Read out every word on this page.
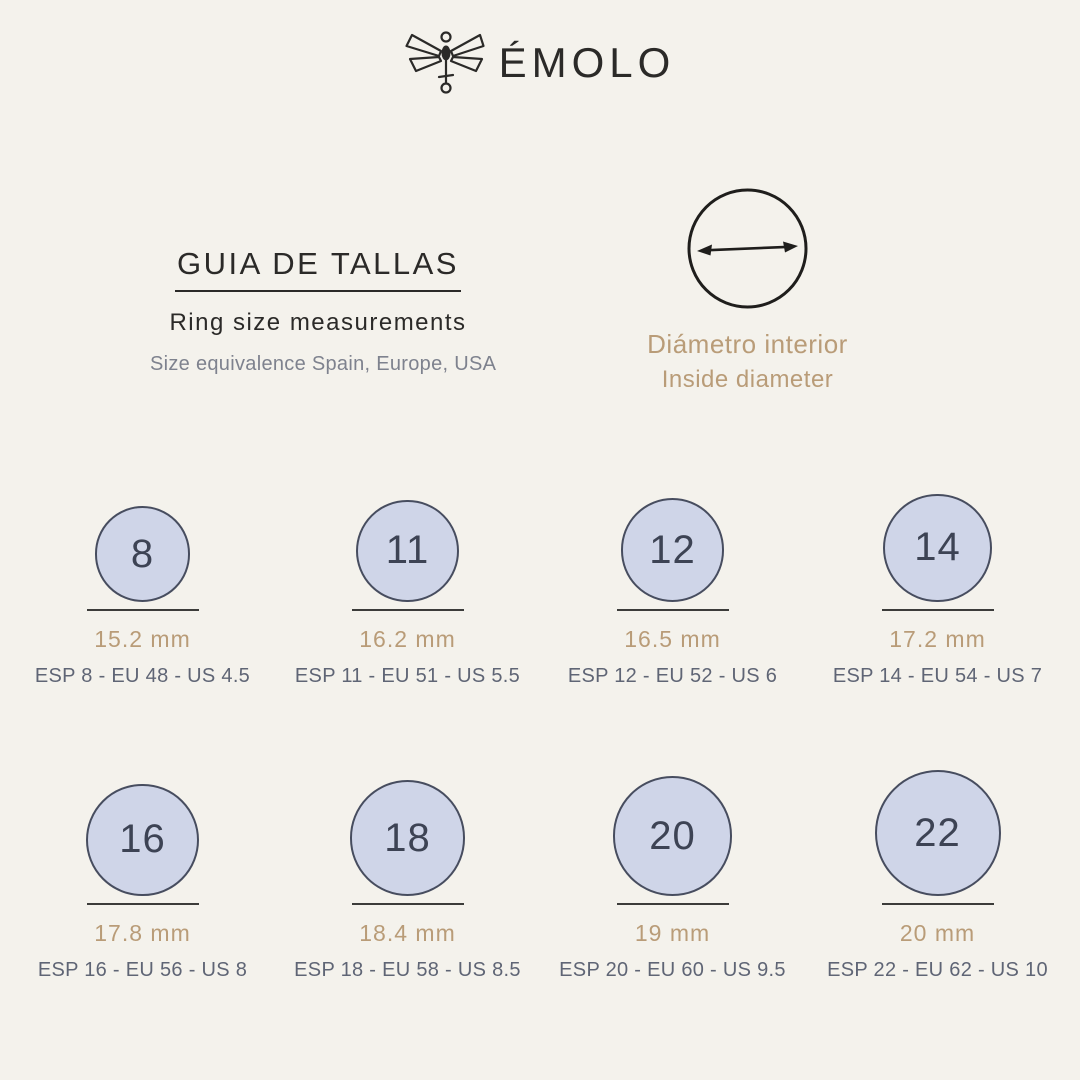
ÉMOLO
GUIA DE TALLAS

Ring size measurements

Size equivalence Spain, Europe, USA

Diámetro interior
Inside diameter
8
15.2 mm
ESP 8 - EU 48 - US 4.5
11
16.2 mm
ESP 11 - EU 51 - US 5.5
12
16.5 mm
ESP 12 - EU 52 - US 6
14
17.2 mm
ESP 14 - EU 54 - US 7
16
17.8 mm
ESP 16 - EU 56 - US 8
18
18.4 mm
ESP 18 - EU 58 - US 8.5
20
19 mm
ESP 20 - EU 60 - US 9.5
22
20 mm
ESP 22 - EU 62 - US 10
